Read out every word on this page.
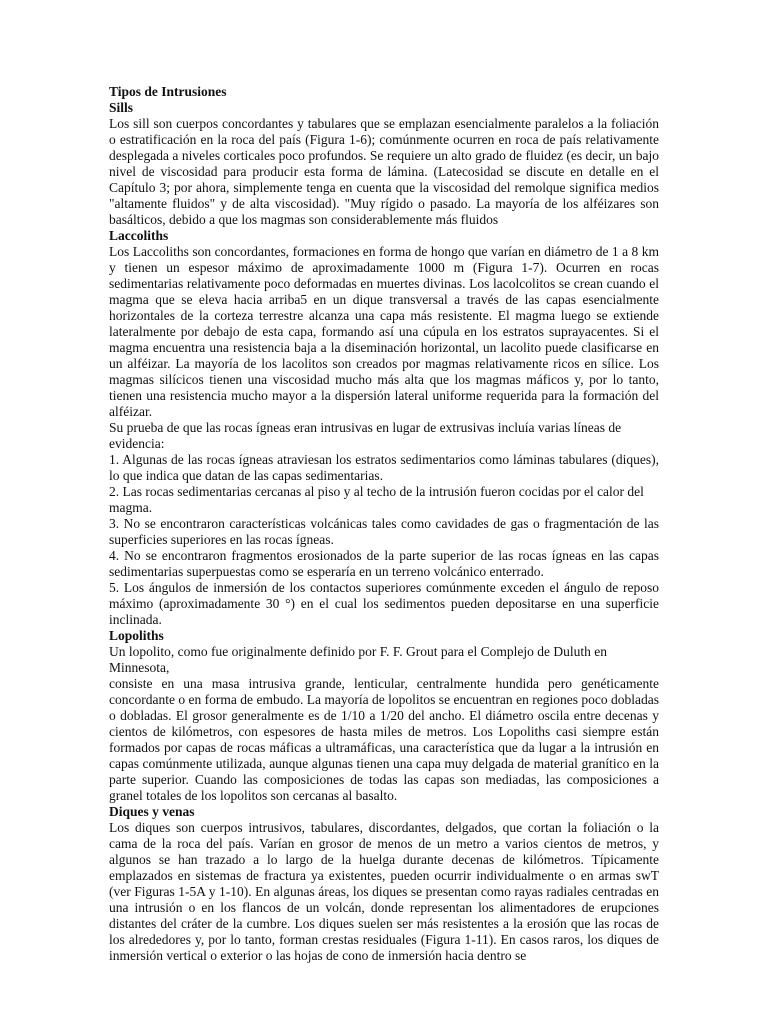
Tipos de Intrusiones
Sills
Los sill son cuerpos concordantes y tabulares que se emplazan esencialmente paralelos a la foliación o estratificación en la roca del país (Figura 1-6); comúnmente ocurren en roca de país relativamente desplegada a niveles corticales poco profundos. Se requiere un alto grado de fluidez (es decir, un bajo nivel de viscosidad para producir esta forma de lámina. (Latecosidad se discute en detalle en el Capítulo 3; por ahora, simplemente tenga en cuenta que la viscosidad del remolque significa medios "altamente fluidos" y de alta viscosidad). "Muy rígido o pasado. La mayoría de los alféizares son basálticos, debido a que los magmas son considerablemente más fluidos
Laccoliths
Los Laccoliths son concordantes, formaciones en forma de hongo que varían en diámetro de 1 a 8 km y tienen un espesor máximo de aproximadamente 1000 m (Figura 1-7). Ocurren en rocas sedimentarias relativamente poco deformadas en muertes divinas. Los lacolcolitos se crean cuando el magma que se eleva hacia arriba5 en un dique transversal a través de las capas esencialmente horizontales de la corteza terrestre alcanza una capa más resistente. El magma luego se extiende lateralmente por debajo de esta capa, formando así una cúpula en los estratos suprayacentes. Si el magma encuentra una resistencia baja a la diseminación horizontal, un lacolito puede clasificarse en un alféizar. La mayoría de los lacolitos son creados por magmas relativamente ricos en sílice. Los magmas silícicos tienen una viscosidad mucho más alta que los magmas máficos y, por lo tanto, tienen una resistencia mucho mayor a la dispersión lateral uniforme requerida para la formación del alféizar.
Su prueba de que las rocas ígneas eran intrusivas en lugar de extrusivas incluía varias líneas de evidencia:
1. Algunas de las rocas ígneas atraviesan los estratos sedimentarios como láminas tabulares (diques), lo que indica que datan de las capas sedimentarias.
2. Las rocas sedimentarias cercanas al piso y al techo de la intrusión fueron cocidas por el calor del magma.
3. No se encontraron características volcánicas tales como cavidades de gas o fragmentación de las superficies superiores en las rocas ígneas.
4. No se encontraron fragmentos erosionados de la parte superior de las rocas ígneas en las capas sedimentarias superpuestas como se esperaría en un terreno volcánico enterrado.
5. Los ángulos de inmersión de los contactos superiores comúnmente exceden el ángulo de reposo máximo (aproximadamente 30 °) en el cual los sedimentos pueden depositarse en una superficie inclinada.
Lopoliths
Un lopolito, como fue originalmente definido por F. F. Grout para el Complejo de Duluth en Minnesota,
consiste en una masa intrusiva grande, lenticular, centralmente hundida pero genéticamente concordante o en forma de embudo. La mayoría de lopolitos se encuentran en regiones poco dobladas o dobladas. El grosor generalmente es de 1/10 a 1/20 del ancho. El diámetro oscila entre decenas y cientos de kilómetros, con espesores de hasta miles de metros. Los Lopoliths casi siempre están formados por capas de rocas máficas a ultramáficas, una característica que da lugar a la intrusión en capas comúnmente utilizada, aunque algunas tienen una capa muy delgada de material granítico en la parte superior. Cuando las composiciones de todas las capas son mediadas, las composiciones a granel totales de los lopolitos son cercanas al basalto.
Diques y venas
Los diques son cuerpos intrusivos, tabulares, discordantes, delgados, que cortan la foliación o la cama de la roca del país. Varían en grosor de menos de un metro a varios cientos de metros, y algunos se han trazado a lo largo de la huelga durante decenas de kilómetros. Típicamente emplazados en sistemas de fractura ya existentes, pueden ocurrir individualmente o en armas swT (ver Figuras 1-5A y 1-10). En algunas áreas, los diques se presentan como rayas radiales centradas en una intrusión o en los flancos de un volcán, donde representan los alimentadores de erupciones distantes del cráter de la cumbre. Los diques suelen ser más resistentes a la erosión que las rocas de los alrededores y, por lo tanto, forman crestas residuales (Figura 1-11). En casos raros, los diques de inmersión vertical o exterior o las hojas de cono de inmersión hacia dentro se
